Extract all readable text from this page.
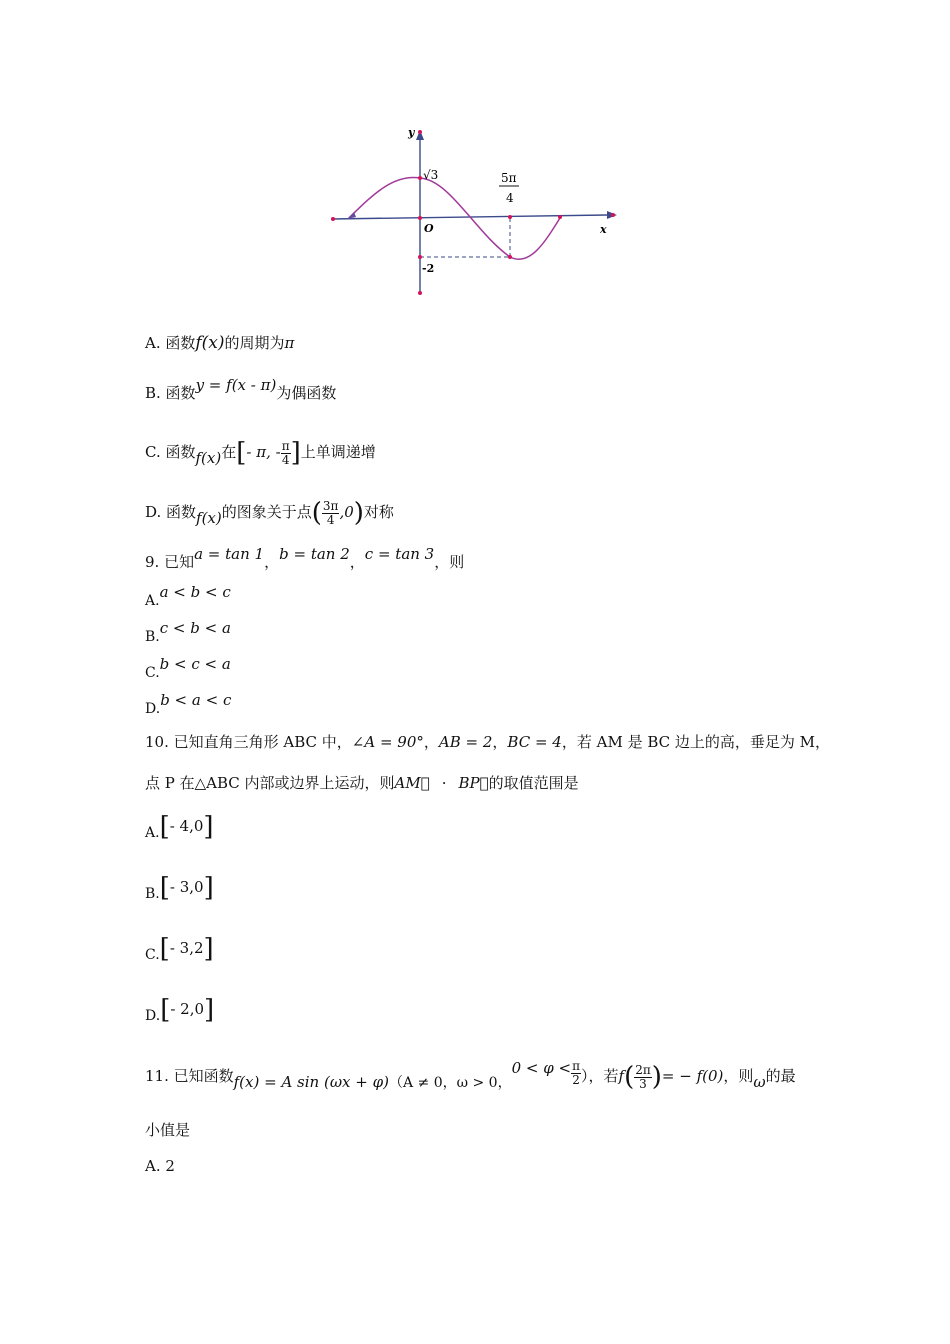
y
x
O
√3	5π
4
-2
A. 函数f(x)的周期为π
B. 函数y = f(x - π)为偶函数
C. 函数f(x)在[- π, - $\frac{\pi}{4}$ ]上单调递增
D. 函数f(x)的图象关于点( $\frac{3\pi}{4} ,0$)对称
9. 已知a = tan 1，b = tan 2，c = tan 3，则
A.a < b < c
B.c < b < a
C.b < c < a
D.b < a < c
10. 已知直角三角形 ABC 中，∠A = 90°，AB = 2，BC = 4，若 AM 是 BC 边上的高，垂足为 M，
点 P 在△ABC 内部或边界上运动，则AM⃗ · BP⃗的取值范围是
A.[- 4,0]
B.[- 3,0]
C.[- 3,2]
D.[- 2,0]
11. 已知函数f(x) = A sin (ωx + φ)（A ≠ 0，ω > 0，$0 < \varphi < \frac{\pi}{2}$ ），若$f( \frac{2\pi}{3}$ )= − f(0)，则ω的最
小值是
A. 2
